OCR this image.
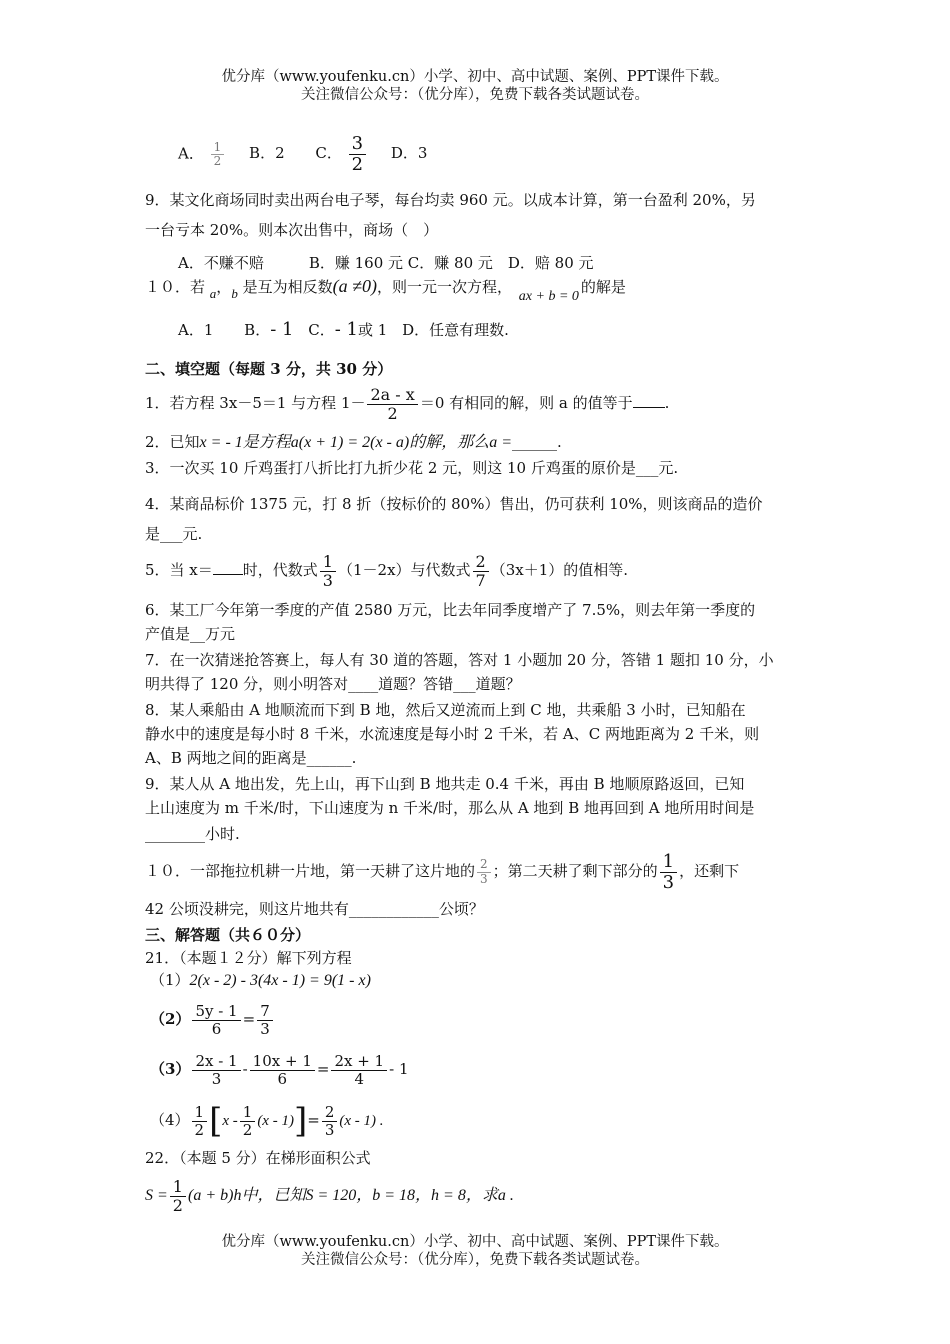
优分库（www.youfenku.cn）小学、初中、高中试题、案例、PPT课件下载。
关注微信公众号：（优分库），免费下载各类试题试卷。
A． $\frac{1}{2}$ B．2 C． $\frac{3}{2}$ D．3
9．某文化商场同时卖出两台电子琴，每台均卖 960 元。以成本计算，第一台盈利 20%，另
一台亏本 20%。则本次出售中，商场（　）
A．不赚不赔　　　B．赚 160 元 C．赚 80 元　D．赔 80 元
１０．若 a，b 是互为相反数(a ≠0)，则一元一次方程， ax + b = 0的解是
A．1 B．- 1 C．- 1或 1 D．任意有理数.
二、填空题（每题 3 分，共 30 分）
1．若方程 3x－5＝1 与方程 $1- \frac{2a - x}{2} =0$ 有相同的解，则 a 的值等于 .
2．已知x = - 1是方程a(x + 1) = 2(x - a)的解，那么a =______.
3．一次买 10 斤鸡蛋打八折比打九折少花 2 元，则这 10 斤鸡蛋的原价是___元.
4．某商品标价 1375 元，打 8 折（按标价的 80%）售出，仍可获利 10%，则该商品的造价
是___元.
5．当 x＝ 时，代数式 $\frac{1}{3} (1-2x)$与代数式 $\frac{2}{7} (3x+1)$的值相等.
6．某工厂今年第一季度的产值 2580 万元，比去年同季度增产了 7.5%，则去年第一季度的
产值是__万元
7．在一次猜迷抢答赛上，每人有 30 道的答题，答对 1 小题加 20 分，答错 1 题扣 10 分，小
明共得了 120 分，则小明答对____道题？答错___道题？
8．某人乘船由 A 地顺流而下到 B 地，然后又逆流而上到 C 地，共乘船 3 小时，已知船在
静水中的速度是每小时 8 千米，水流速度是每小时 2 千米，若 A、C 两地距离为 2 千米，则
A、B 两地之间的距离是______.
9．某人从 A 地出发，先上山，再下山到 B 地共走 0.4 千米，再由 B 地顺原路返回，已知
上山速度为 m 千米/时，下山速度为 n 千米/时，那么从 A 地到 B 地再回到 A 地所用时间是
________小时.
１０．一部拖拉机耕一片地，第一天耕了这片地的 $\frac{2}{3}$ ；第二天耕了剩下部分的 $\frac{1}{3}$ ，还剩下
42 公顷没耕完，则这片地共有____________公顷？
三、解答题（共６０分）
21．（本题１２分）解下列方程
（1）2(x - 2) - 3(4x - 1) = 9(1 - x)
$(2) \frac{5y - 1}{6} = \frac{7}{3}$
$(3) \frac{2x - 1}{3} - \frac{10x + 1}{6} = \frac{2x + 1}{4} - 1$
$(4) \frac{1}{2} [x - \frac{1}{2} (x - 1)]= \frac{2}{3} (x - 1)$ .
22．（本题 5 分）在梯形面积公式
$S = \frac{1}{2} (a + b)h$中，已知S = 120，b = 18，h = 8，求a .
优分库（www.youfenku.cn）小学、初中、高中试题、案例、PPT课件下载。
关注微信公众号：（优分库），免费下载各类试题试卷。
